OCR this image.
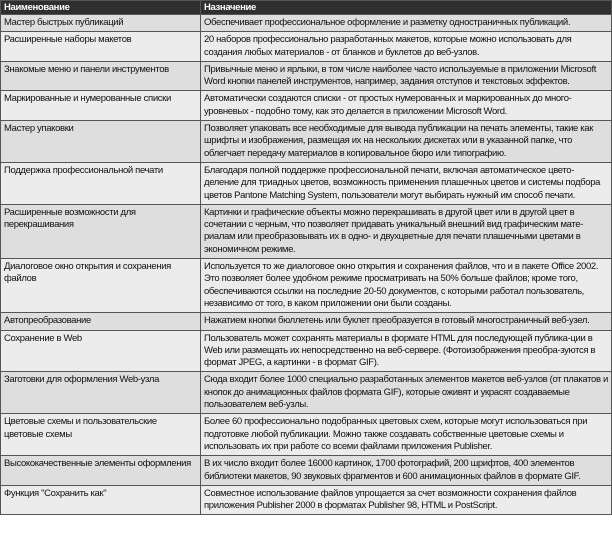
Наименование	Назначение
Мастер быстрых публикаций	Обеспечивает профессиональное оформление и разметку одностраничных публикаций.
Расширенные наборы макетов	20 наборов профессионально разработанных макетов, которые можно использовать для создания любых материалов - от бланков и буклетов до веб-узлов.
Знакомые меню и панели инструментов	Привычные меню и ярлыки, в том числе наиболее часто используемые в приложении Microsoft Word кнопки панелей инструментов, например, задания отступов и текстовых эффектов.
Маркированные и нумерованные списки	Автоматически создаются списки - от простых нумерованных и маркированных до много-уровневых - подобно тому, как это делается в приложении Microsoft Word.
Мастер упаковки	Позволяет упаковать все необходимые для вывода публикации на печать элементы, такие как шрифты и изображения, размещая их на нескольких дискетах или в указанной папке, что облегчает передачу материалов в копировальное бюро или типографию.
Поддержка профессиональной печати	Благодаря полной поддержке профессиональной печати, включая автоматическое цвето-деление для триадных цветов, возможность применения плашечных цветов и системы подбора цветов Pantone Matching System, пользователи могут выбирать нужный им способ печати.
Расширенные возможности для перекрашивания	Картинки и графические объекты можно перекрашивать в другой цвет или в другой цвет в сочетании с черным, что позволяет придавать уникальный внешний вид графическим мате-риалам или преобразовывать их в одно- и двухцветные для печати плашечными цветами в экономичном режиме.
Диалоговое окно открытия и сохранения файлов	Используется то же диалоговое окно открытия и сохранения файлов, что и в пакете Office 2002. Это позволяет более удобном режиме просматривать на 50% больше файлов; кроме того, обеспечиваются ссылки на последние 20-50 документов, с которыми работал пользователь, независимо от того, в каком приложении они были созданы.
Автопреобразование	Нажатием кнопки бюллетень или буклет преобразуется в готовый многостраничный веб-узел.
Сохранение в Web	Пользователь может сохранять материалы в формате HTML для последующей публика-ции в Web или размещать их непосредственно на веб-сервере. (Фотоизображения преобра-зуются в формат JPEG, а картинки - в формат GIF).
Заготовки для оформления Web-узла	Сюда входит более 1000 специально разработанных элементов макетов веб-узлов (от плакатов и кнопок до анимационных файлов формата GIF), которые оживят и украсят создаваемые пользователем веб-узлы.
Цветовые схемы и пользовательские цветовые схемы	Более 60 профессионально подобранных цветовых схем, которые могут использоваться при подготовке любой публикации. Можно также создавать собственные цветовые схемы и использовать их при работе со всеми файлами приложения Publisher.
Высококачественные элементы оформления	В их число входит более 16000 картинок, 1700 фотографий, 200 шрифтов, 400 элементов библиотеки макетов, 90 звуковых фрагментов и 600 анимационных файлов в формате GIF.
Функция "Сохранить как"	Совместное использование файлов упрощается за счет возможности сохранения файлов приложения Publisher 2000 в форматах Publisher 98, HTML и PostScript.
